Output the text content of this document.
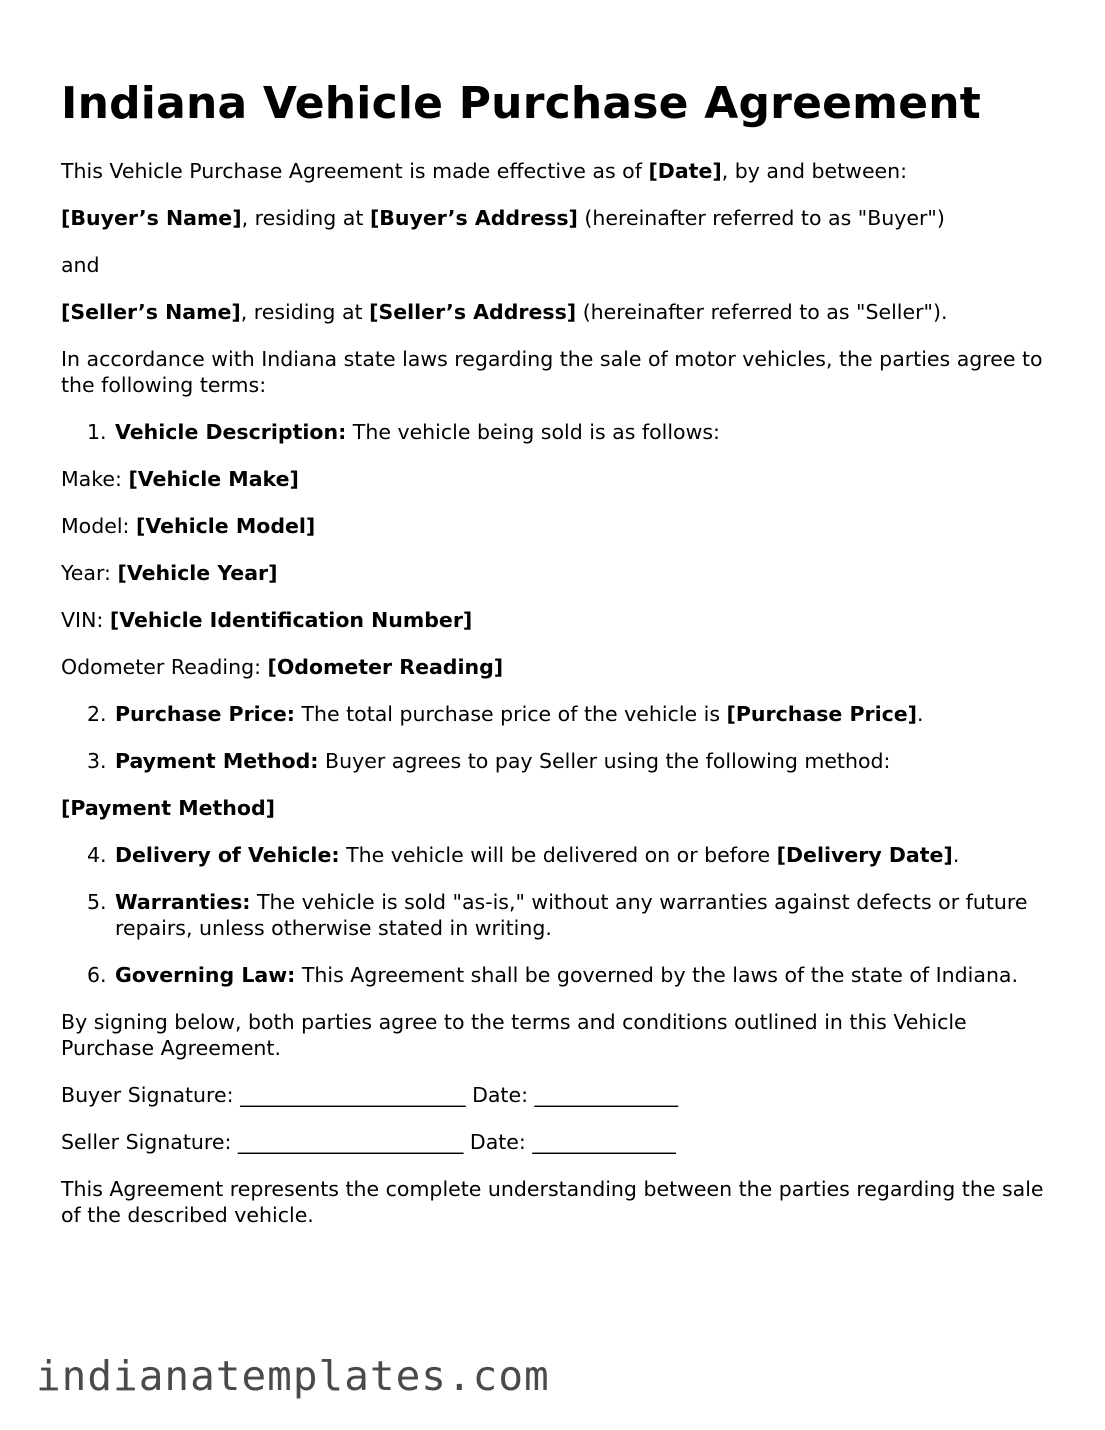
Indiana Vehicle Purchase Agreement
This Vehicle Purchase Agreement is made effective as of [Date], by and between:
[Buyer’s Name], residing at [Buyer’s Address] (hereinafter referred to as "Buyer")
and
[Seller’s Name], residing at [Seller’s Address] (hereinafter referred to as "Seller").
In accordance with Indiana state laws regarding the sale of motor vehicles, the parties agree to the following terms:
1. Vehicle Description: The vehicle being sold is as follows:
Make: [Vehicle Make]
Model: [Vehicle Model]
Year: [Vehicle Year]
VIN: [Vehicle Identification Number]
Odometer Reading: [Odometer Reading]
2. Purchase Price: The total purchase price of the vehicle is [Purchase Price].
3. Payment Method: Buyer agrees to pay Seller using the following method:
[Payment Method]
4. Delivery of Vehicle: The vehicle will be delivered on or before [Delivery Date].
5. Warranties: The vehicle is sold "as-is," without any warranties against defects or future repairs, unless otherwise stated in writing.
6. Governing Law: This Agreement shall be governed by the laws of the state of Indiana.
By signing below, both parties agree to the terms and conditions outlined in this Vehicle Purchase Agreement.
Buyer Signature: ______________________ Date: ______________
Seller Signature: ______________________ Date: ______________
This Agreement represents the complete understanding between the parties regarding the sale of the described vehicle.
indianatemplates.com
